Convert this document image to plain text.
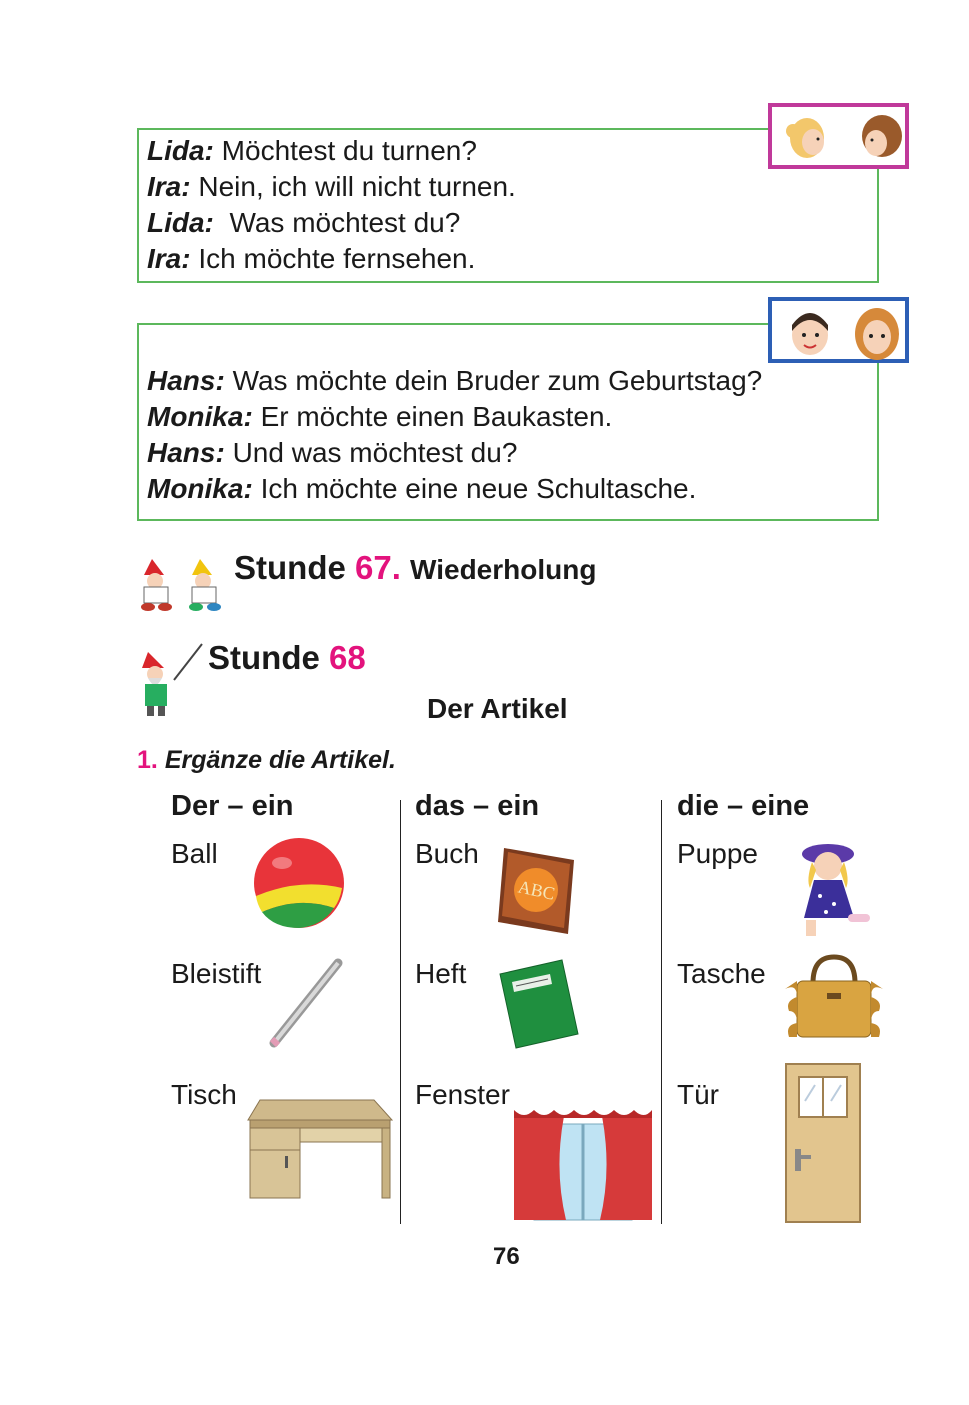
Lida: Möchtest du turnen?
Ira: Nein, ich will nicht turnen.
Lida:  Was möchtest du?
Ira: Ich möchte fernsehen.
Hans: Was möchte dein Bruder zum Geburtstag?
Monika: Er möchte einen Baukasten.
Hans: Und was möchtest du?
Monika: Ich möchte eine neue Schultasche.
Stunde 67. Wiederholung
Stunde 68
Der Artikel
1. Ergänze die Artikel.
Der – ein	das – ein	die – eine
Ball
Bleistift
Tisch
Buch
Heft
Fenster
Puppe
Tasche
Tür
ABC
76
